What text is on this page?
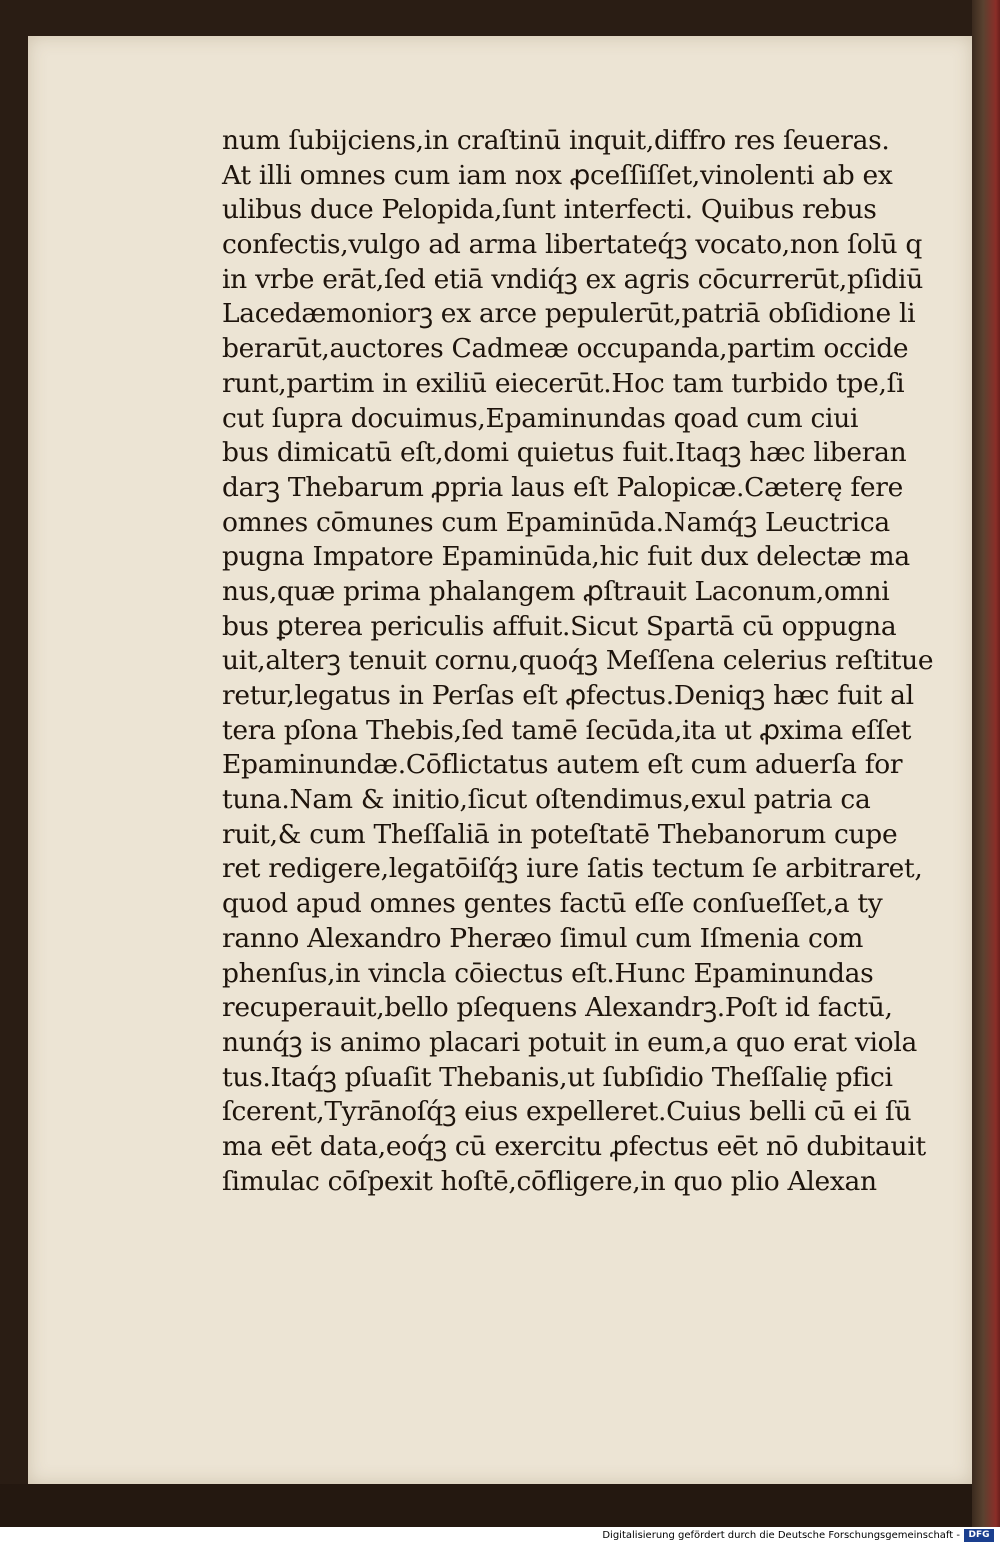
num ſubijciens,in craſtinū inquit,diffro res ſeueras.
At illi omnes cum iam nox ꝓceſſiſſet,vinolenti ab ex
ulibus duce Pelopida,ſunt interfecti. Quibus rebus
confectis,vulgo ad arma libertateq́ꝫ vocato,non ſolū q
in vrbe erāt,ſed etiā vndiq́ꝫ ex agris cōcurrerūt,pſidiū
Lacedæmoniorꝫ ex arce pepulerūt,patriā obſidione li
berarūt,auctores Cadmeæ occupanda,partim occide
runt,partim in exiliū eiecerūt.Hoc tam turbido tpe,ſi
cut ſupra docuimus,Epaminundas qoad cum ciui
bus dimicatū eſt,domi quietus fuit.Itaqꝫ hæc liberan
darꝫ Thebarum ꝓpria laus eſt Palopicæ.Cæterę fere
omnes cōmunes cum Epaminūda.Namq́ꝫ Leuctrica
pugna Impatore Epaminūda,hic fuit dux delectæ ma
nus,quæ prima phalangem ꝓſtrauit Laconum,omni
bus ꝑterea periculis affuit.Sicut Spartā cū oppugna
uit,alterꝫ tenuit cornu,quoq́ꝫ Meſſena celerius reſtitue
retur,legatus in Perſas eſt ꝓfectus.Deniqꝫ hæc fuit al
tera pſona Thebis,ſed tamē ſecūda,ita ut ꝓxima eſſet
Epaminundæ.Cōflictatus autem eſt cum aduerſa for
tuna.Nam & initio,ſicut oſtendimus,exul patria ca
ruit,& cum Theſſaliā in poteſtatē Thebanorum cupe
ret redigere,legatōiſq́ꝫ iure ſatis tectum ſe arbitraret,
quod apud omnes gentes factū eſſe conſueſſet,a ty
ranno Alexandro Pheræo ſimul cum Iſmenia com
phenſus,in vincla cōiectus eſt.Hunc Epaminundas
recuperauit,bello pſequens Alexandrꝫ.Poſt id factū,
nunq́ꝫ is animo placari potuit in eum,a quo erat viola
tus.Itaq́ꝫ pſuaſit Thebanis,ut ſubſidio Theſſalię pfici
ſcerent,Tyrānoſq́ꝫ eius expelleret.Cuius belli cū ei ſū
ma eēt data,eoq́ꝫ cū exercitu ꝓfectus eēt nō dubitauit
ſimulac cōſpexit hoſtē,cōfligere,in quo plio Alexan
Digitalisierung gefördert durch die Deutsche Forschungsgemeinschaft - DFG
